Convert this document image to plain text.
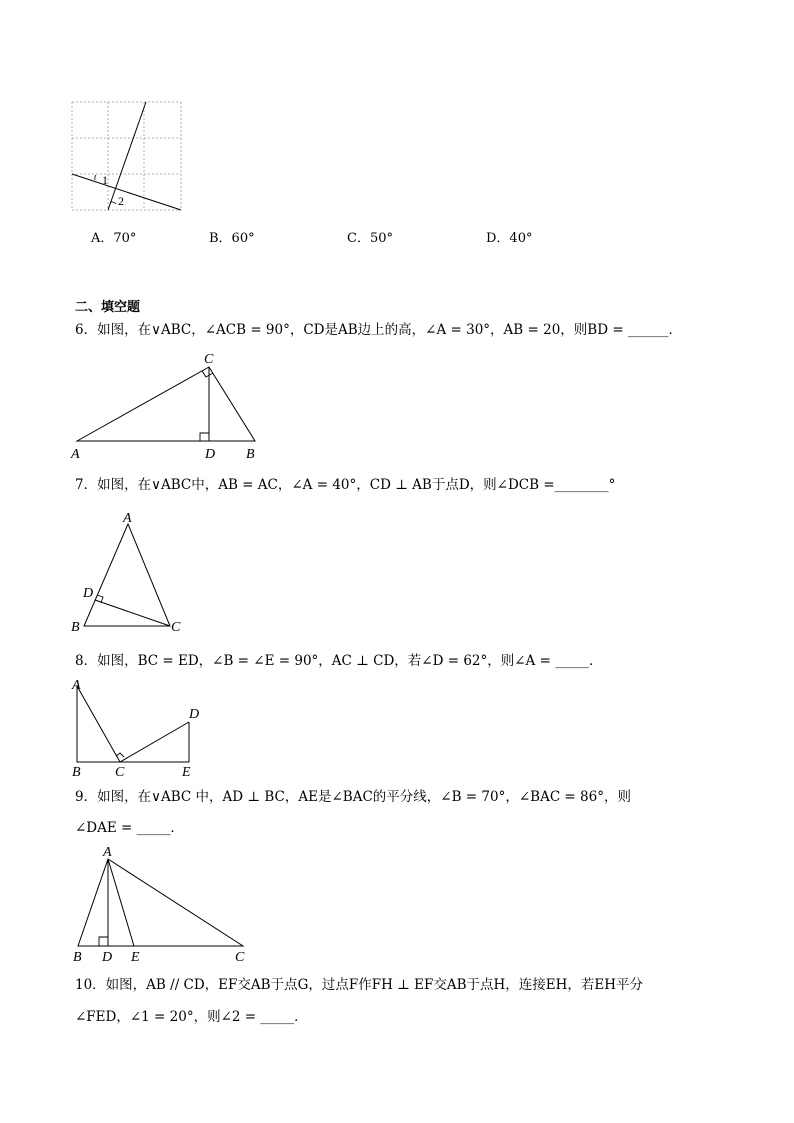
1
2
A．70°	B．60°	C．50°	D．40°
二、填空题
6．如图，在∨ABC，∠ACB = 90°，CD是AB边上的高，∠A = 30°，AB = 20，则BD = ______．
C
A	D B
7．如图，在∨ABC中，AB = AC，∠A = 40°，CD ⊥ AB于点D，则∠DCB =________°
A
D
B	C
8．如图，BC = ED，∠B = ∠E = 90°，AC ⊥ CD，若∠D = 62°，则∠A = _____．
A
D
B C	E
9．如图，在∨ABC 中，AD ⊥ BC，AE是∠BAC的平分线，∠B = 70°，∠BAC = 86°，则
∠DAE = _____．
A
B D E	C
10．如图，AB // CD，EF交AB于点G，过点F作FH ⊥ EF交AB于点H，连接EH，若EH平分
∠FED，∠1 = 20°，则∠2 = _____．
